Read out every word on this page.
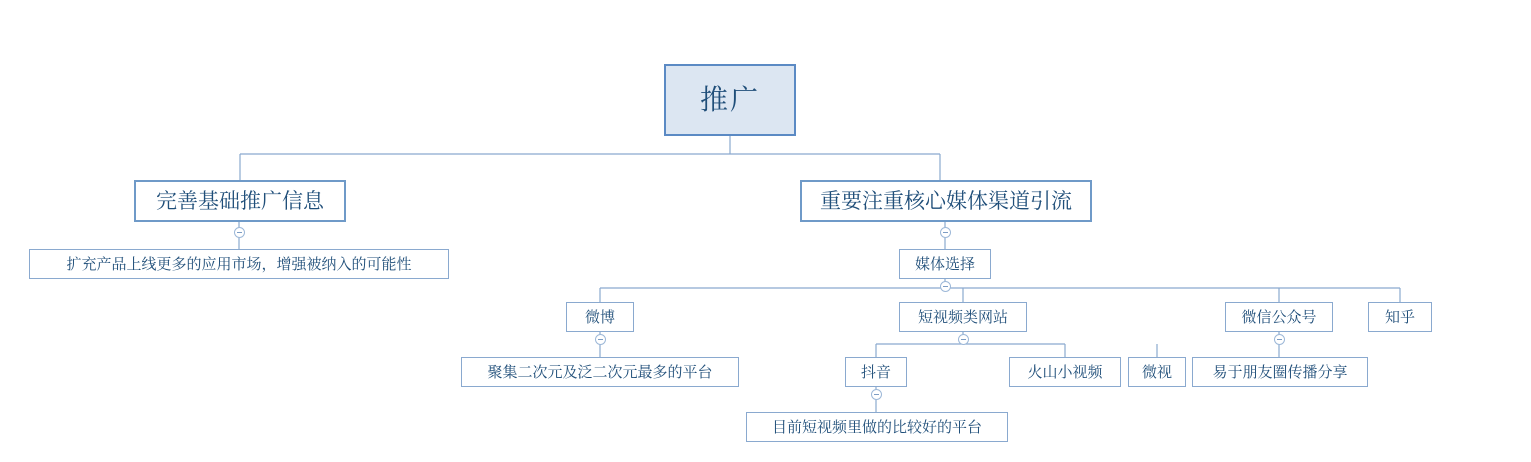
推广
完善基础推广信息	重要注重核心媒体渠道引流
扩充产品上线更多的应用市场，增强被纳入的可能性	媒体选择
微博	短视频类网站	微信公众号	知乎
聚集二次元及泛二次元最多的平台	抖音	火山小视频	微视	易于朋友圈传播分享
目前短视频里做的比较好的平台
